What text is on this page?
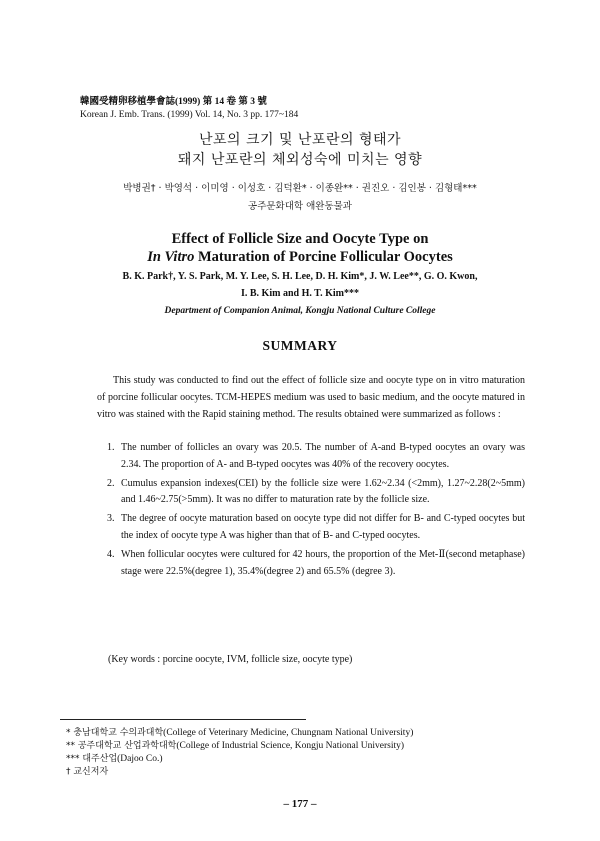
韓國受精卵移植學會誌(1999) 第 14 卷 第 3 號
Korean J. Emb. Trans. (1999) Vol. 14, No. 3 pp. 177~184
난포의 크기 및 난포란의 형태가
돼지 난포란의 체외성숙에 미치는 영향
박병권† · 박영석 · 이미영 · 이성호 · 김덕환* · 이종완** · 권진오 · 김인봉 · 김형태***
공주문화대학 애완동물과
Effect of Follicle Size and Oocyte Type on
In Vitro Maturation of Porcine Follicular Oocytes
B. K. Park†, Y. S. Park, M. Y. Lee, S. H. Lee, D. H. Kim*, J. W. Lee**, G. O. Kwon,
I. B. Kim and H. T. Kim***
Department of Companion Animal, Kongju National Culture College
SUMMARY

This study was conducted to find out the effect of follicle size and oocyte type on in vitro maturation of porcine follicular oocytes. TCM-HEPES medium was used to basic medium, and the oocyte matured in vitro was stained with the Rapid staining method. The results obtained were summarized as follows :

1. The number of follicles an ovary was 20.5. The number of A-and B-typed oocytes an ovary was 2.34. The proportion of A- and B-typed oocytes was 40% of the recovery oocytes.
2. Cumulus expansion indexes(CEI) by the follicle size were 1.62~2.34 (<2mm), 1.27~2.28(2~5mm) and 1.46~2.75(>5mm). It was no differ to maturation rate by the follicle size.
3. The degree of oocyte maturation based on oocyte type did not differ for B- and C-typed oocytes but the index of oocyte type A was higher than that of B- and C-typed oocytes.
4. When follicular oocytes were cultured for 42 hours, the proportion of the Met-Ⅱ(second metaphase) stage were 22.5%(degree 1), 35.4%(degree 2) and 65.5% (degree 3).
(Key words : porcine oocyte, IVM, follicle size, oocyte type)
* 충남대학교 수의과대학(College of Veterinary Medicine, Chungnam National University)
** 공주대학교 산업과학대학(College of Industrial Science, Kongju National University)
*** 대주산업(Dajoo Co.)
† 교신저자
– 177 –
